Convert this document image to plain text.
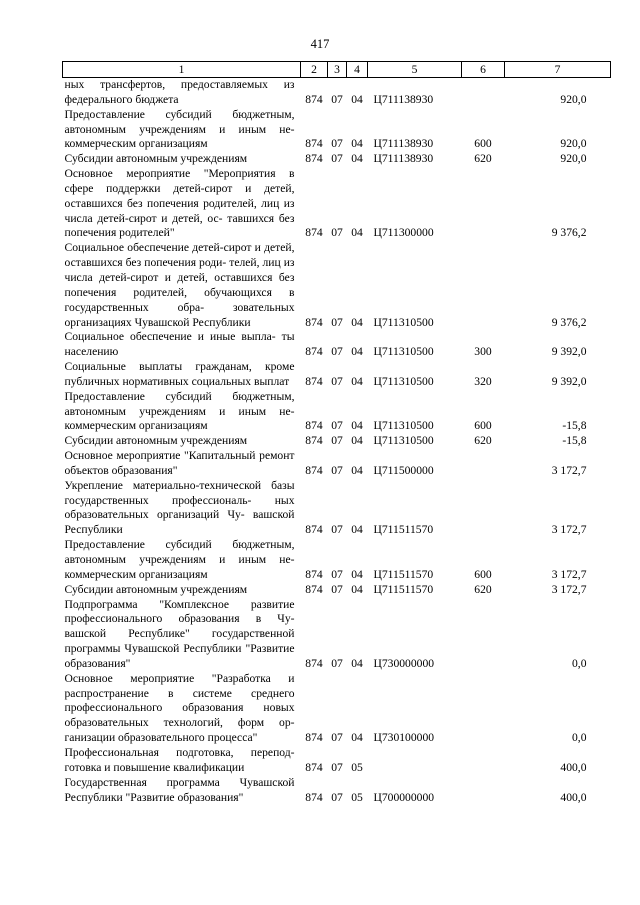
417
1	2	3	4	5	6	7
ных трансфертов, предоставляемых из федерального бюджета	874	07	04	Ц711138930		920,0
Предоставление субсидий бюджетным, автономным учреждениям и иным не- коммерческим организациям	874	07	04	Ц711138930	600	920,0
Субсидии автономным учреждениям	874	07	04	Ц711138930	620	920,0
Основное мероприятие "Мероприятия в сфере поддержки детей-сирот и детей, оставшихся без попечения родителей, лиц из числа детей-сирот и детей, ос- тавшихся без попечения родителей"	874	07	04	Ц711300000		9 376,2
Социальное обеспечение детей-сирот и детей, оставшихся без попечения роди- телей, лиц из числа детей-сирот и детей, оставшихся без попечения родителей, обучающихся в государственных обра- зовательных организациях Чувашской Республики	874	07	04	Ц711310500		9 376,2
Социальное обеспечение и иные выпла- ты населению	874	07	04	Ц711310500	300	9 392,0
Социальные выплаты гражданам, кроме публичных нормативных социальных выплат	874	07	04	Ц711310500	320	9 392,0
Предоставление субсидий бюджетным, автономным учреждениям и иным не- коммерческим организациям	874	07	04	Ц711310500	600	-15,8
Субсидии автономным учреждениям	874	07	04	Ц711310500	620	-15,8
Основное мероприятие "Капитальный ремонт объектов образования"	874	07	04	Ц711500000		3 172,7
Укрепление материально-технической базы государственных профессиональ- ных образовательных организаций Чу- вашской Республики	874	07	04	Ц711511570		3 172,7
Предоставление субсидий бюджетным, автономным учреждениям и иным не- коммерческим организациям	874	07	04	Ц711511570	600	3 172,7
Субсидии автономным учреждениям	874	07	04	Ц711511570	620	3 172,7
Подпрограмма "Комплексное развитие профессионального образования в Чу- вашской Республике" государственной программы Чувашской Республики "Развитие образования"	874	07	04	Ц730000000		0,0
Основное мероприятие "Разработка и распространение в системе среднего профессионального образования новых образовательных технологий, форм ор- ганизации образовательного процесса"	874	07	04	Ц730100000		0,0
Профессиональная подготовка, перепод- готовка и повышение квалификации	874	07	05			400,0
Государственная программа Чувашской Республики "Развитие образования"	874	07	05	Ц700000000		400,0
